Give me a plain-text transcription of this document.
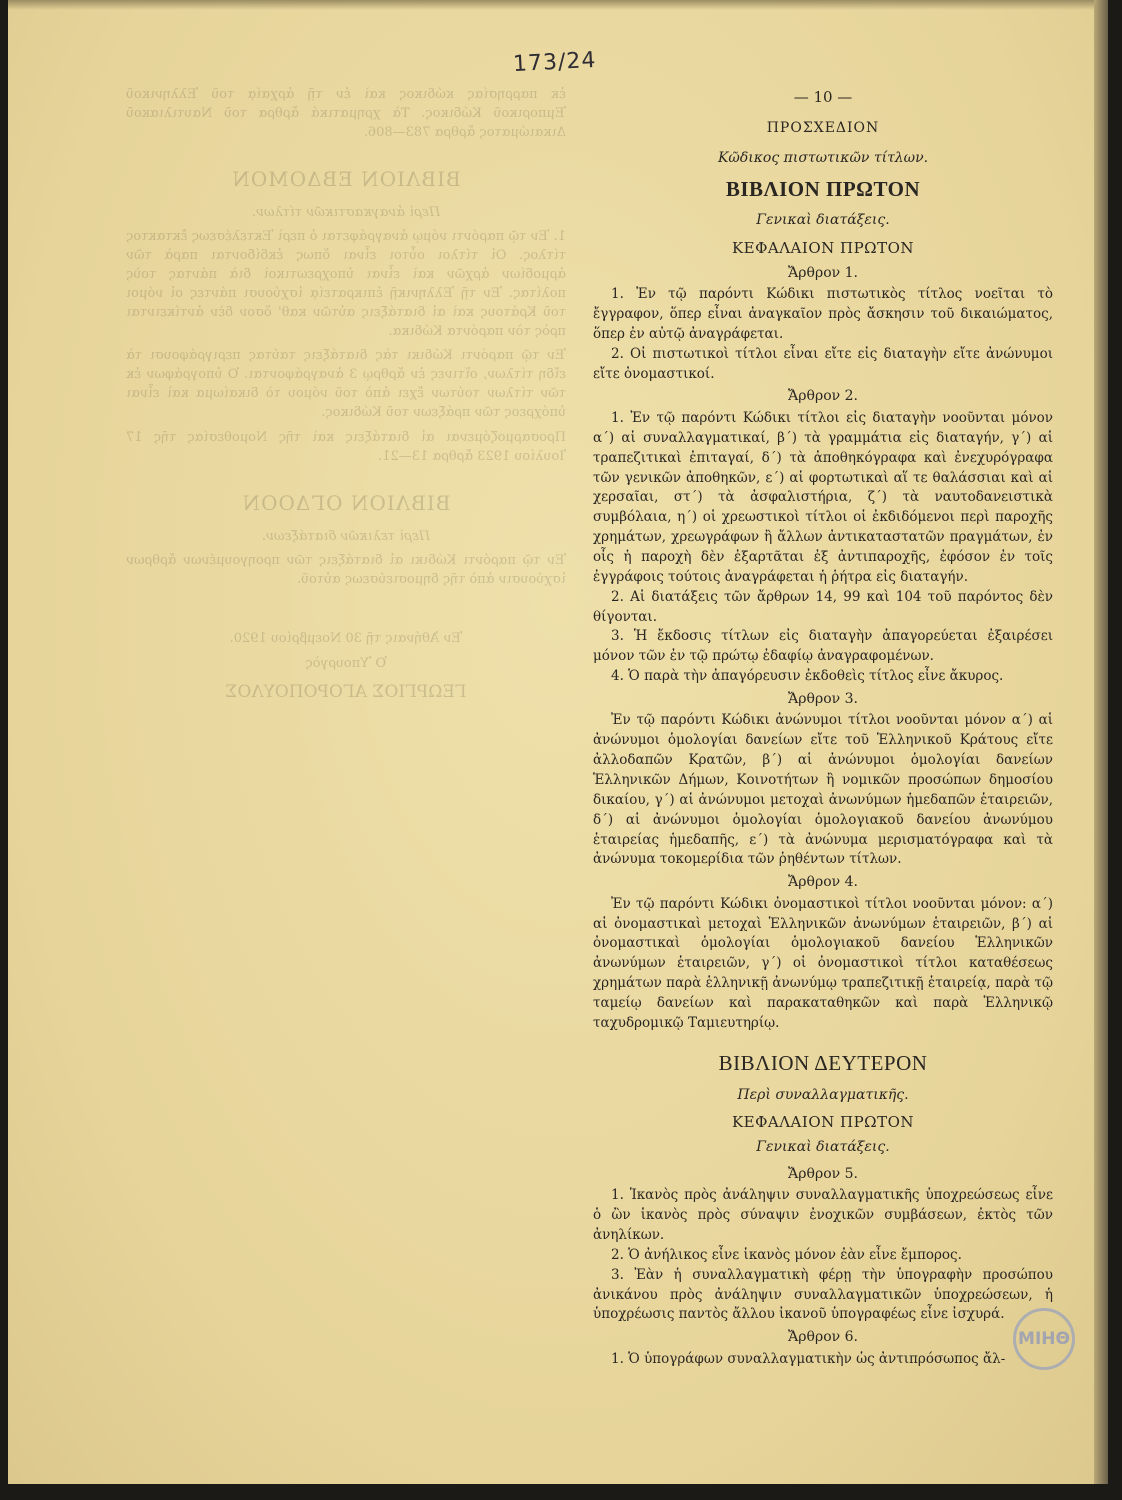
173/24

ἐκ παρρησίας κώδικος καὶ ἐν τῇ ἀρχαίᾳ τοῦ Ἑλληνικοῦ Ἐμπορικοῦ Κώδικος. Τὰ χρηματικά ἄρθρα τοῦ Ναυτιλιακοῦ Δικαιώματος ἄρθρα 783—806.

ΒΙΒΛΙΟΝ ΕΒΔΟΜΟΝ

Περὶ ἀναγκαστικῶν τίτλων.

1. Ἐν τῷ παρόντι νόμῳ ἀναγράφεται ὁ περὶ Ἐκτελέσεως ἔκτακτος τίτλος. Οἱ τίτλοι οὗτοι εἶναι ὅπως ἐκδίδονται παρὰ τῶν ἀρμοδίων ἀρχῶν καὶ εἶναι ὑποχρεωτικοὶ διὰ πάντας τοὺς πολίτας. Ἐν τῇ Ἑλληνικῇ ἐπικρατείᾳ ἰσχύουσι πάντες οἱ νόμοι τοῦ Κράτους καὶ αἱ διατάξεις αὐτῶν καθ' ὅσον δὲν ἀντίκεινται πρὸς τὸν παρόντα Κώδικα.

Ἐν τῷ παρόντι Κώδικι τὰς διατάξεις ταύτας περιγράφουσι τὰ εἴδη τίτλων, οἵτινες ἐν ἄρθρῳ 3 ἀναγράφονται. Ὁ ὑπογράφων ἐκ τῶν τίτλων τούτων ἔχει ἀπὸ τοῦ νόμου τὸ δικαίωμα καὶ εἶναι ὑπόχρεος τῶν πράξεων τοῦ Κώδικος.

Προσαρμοζόμεναι αἱ διατάξεις καὶ τῆς Νομοθεσίας τῆς 17 Ἰουλίου 1923 ἄρθρα 13—21.

ΒΙΒΛΙΟΝ ΟΓΔΟΟΝ

Περὶ τελικῶν διατάξεων.

Ἐν τῷ παρόντι Κώδικι αἱ διατάξεις τῶν προηγουμένων ἄρθρων ἰσχύουσιν ἀπὸ τῆς δημοσιεύσεως αὐτοῦ.

Ἐν Ἀθήναις τῇ 30 Νοεμβρίου 1920.

Ὁ Ὑπουργὸς

ΓΕΩΡΓΙΟΣ ΑΓΟΡΟΠΟΥΛΟΣ

— 10 —
ΠΡΟΣΧΕΔΙΟΝ
Κῶδικος πιστωτικῶν τίτλων.
ΒΙΒΛΙΟΝ ΠΡΩΤΟΝ
Γενικαὶ διατάξεις.
ΚΕΦΑΛΑΙΟΝ ΠΡΩΤΟΝ
Ἄρθρον 1.

1. Ἐν τῷ παρόντι Κώδικι πιστωτικὸς τίτλος νοεῖται τὸ ἔγγραφον, ὅπερ εἶναι ἀναγκαῖον πρὸς ἄσκησιν τοῦ δικαιώματος, ὅπερ ἐν αὐτῷ ἀναγράφεται.

2. Οἱ πιστωτικοὶ τίτλοι εἶναι εἴτε εἰς διαταγὴν εἴτε ἀνώνυμοι εἴτε ὀνομαστικοί.

Ἄρθρον 2.

1. Ἐν τῷ παρόντι Κώδικι τίτλοι εἰς διαταγὴν νοοῦνται μόνον α΄) αἱ συναλλαγματικαί, β΄) τὰ γραμμάτια εἰς διαταγήν, γ΄) αἱ τραπεζιτικαὶ ἐπιταγαί, δ΄) τὰ ἀποθηκόγραφα καὶ ἐνεχυρόγραφα τῶν γενικῶν ἀποθηκῶν, ε΄) αἱ φορτωτικαὶ αἵ τε θαλάσσιαι καὶ αἱ χερσαῖαι, στ΄) τὰ ἀσφαλιστήρια, ζ΄) τὰ ναυτοδανειστικὰ συμβόλαια, η΄) οἱ χρεωστικοὶ τίτλοι οἱ ἐκδιδόμενοι περὶ παροχῆς χρημάτων, χρεωγράφων ἢ ἄλλων ἀντικαταστατῶν πραγμάτων, ἐν οἷς ἡ παροχὴ δὲν ἐξαρτᾶται ἐξ ἀντιπαροχῆς, ἐφόσον ἐν τοῖς ἐγγράφοις τούτοις ἀναγράφεται ἡ ῥήτρα εἰς διαταγήν.

2. Αἱ διατάξεις τῶν ἄρθρων 14, 99 καὶ 104 τοῦ παρόντος δὲν θίγονται.

3. Ἡ ἔκδοσις τίτλων εἰς διαταγὴν ἀπαγορεύεται ἐξαιρέσει μόνον τῶν ἐν τῷ πρώτῳ ἐδαφίῳ ἀναγραφομένων.

4. Ὁ παρὰ τὴν ἀπαγόρευσιν ἐκδοθεὶς τίτλος εἶνε ἄκυρος.

Ἄρθρον 3.

Ἐν τῷ παρόντι Κώδικι ἀνώνυμοι τίτλοι νοοῦνται μόνον α΄) αἱ ἀνώνυμοι ὁμολογίαι δανείων εἴτε τοῦ Ἑλληνικοῦ Κράτους εἴτε ἀλλοδαπῶν Κρατῶν, β΄) αἱ ἀνώνυμοι ὁμολογίαι δανείων Ἑλληνικῶν Δήμων, Κοινοτήτων ἢ νομικῶν προσώπων δημοσίου δικαίου, γ΄) αἱ ἀνώνυμοι μετοχαὶ ἀνωνύμων ἡμεδαπῶν ἑταιρειῶν, δ΄) αἱ ἀνώνυμοι ὁμολογίαι ὁμολογιακοῦ δανείου ἀνωνύμου ἑταιρείας ἡμεδαπῆς, ε΄) τὰ ἀνώνυμα μερισματόγραφα καὶ τὰ ἀνώνυμα τοκομερίδια τῶν ῥηθέντων τίτλων.

Ἄρθρον 4.

Ἐν τῷ παρόντι Κώδικι ὀνομαστικοὶ τίτλοι νοοῦνται μόνον: α΄) αἱ ὀνομαστικαὶ μετοχαὶ Ἑλληνικῶν ἀνωνύμων ἑταιρειῶν, β΄) αἱ ὀνομαστικαὶ ὁμολογίαι ὁμολογιακοῦ δανείου Ἑλληνικῶν ἀνωνύμων ἑταιρειῶν, γ΄) οἱ ὀνομαστικοὶ τίτλοι καταθέσεως χρημάτων παρὰ ἑλληνικῇ ἀνωνύμῳ τραπεζιτικῇ ἑταιρείᾳ, παρὰ τῷ ταμείῳ δανείων καὶ παρακαταθηκῶν καὶ παρὰ Ἑλληνικῷ ταχυδρομικῷ Ταμιευτηρίῳ.

ΒΙΒΛΙΟΝ ΔΕΥΤΕΡΟΝ
Περὶ συναλλαγματικῆς.
ΚΕΦΑΛΑΙΟΝ ΠΡΩΤΟΝ
Γενικαὶ διατάξεις.
Ἄρθρον 5.

1. Ἱκανὸς πρὸς ἀνάληψιν συναλλαγματικῆς ὑποχρεώσεως εἶνε ὁ ὢν ἱκανὸς πρὸς σύναψιν ἐνοχικῶν συμβάσεων, ἐκτὸς τῶν ἀνηλίκων.

2. Ὁ ἀνήλικος εἶνε ἱκανὸς μόνον ἐὰν εἶνε ἔμπορος.

3. Ἐὰν ἡ συναλλαγματικὴ φέρῃ τὴν ὑπογραφὴν προσώπου ἀνικάνου πρὸς ἀνάληψιν συναλλαγματικῶν ὑποχρεώσεων, ἡ ὑποχρέωσις παντὸς ἄλλου ἱκανοῦ ὑπογραφέως εἶνε ἰσχυρά.

Ἄρθρον 6.

1. Ὁ ὑπογράφων συναλλαγματικὴν ὡς ἀντιπρόσωπος ἄλ-

ΜΙΗΘ
